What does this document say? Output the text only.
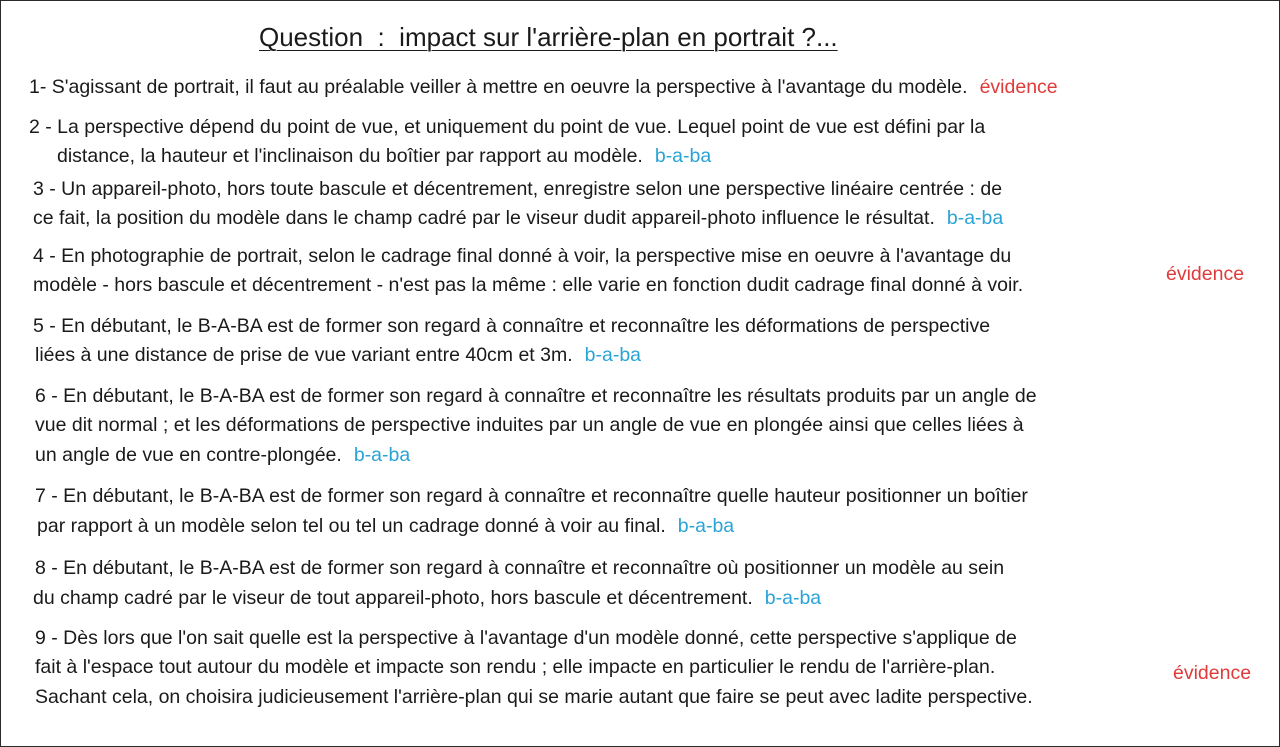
Question  :  impact sur l'arrière-plan en portrait ?...
1- S'agissant de portrait, il faut au préalable veiller à mettre en oeuvre la perspective à l'avantage du modèle. évidence
2 - La perspective dépend du point de vue, et uniquement du point de vue. Lequel point de vue est défini par la
distance, la hauteur et l'inclinaison du boîtier par rapport au modèle. b-a-ba
3 - Un appareil-photo, hors toute bascule et décentrement, enregistre selon une perspective linéaire centrée : de
ce fait, la position du modèle dans le champ cadré par le viseur dudit appareil-photo influence le résultat. b-a-ba
4 - En photographie de portrait, selon le cadrage final donné à voir, la perspective mise en oeuvre à l'avantage du
modèle - hors bascule et décentrement - n'est pas la même : elle varie en fonction dudit cadrage final donné à voir.	évidence
5 - En débutant, le B-A-BA est de former son regard à connaître et reconnaître les déformations de perspective
liées à une distance de prise de vue variant entre 40cm et 3m. b-a-ba
6 - En débutant, le B-A-BA est de former son regard à connaître et reconnaître les résultats produits par un angle de
vue dit normal ; et les déformations de perspective induites par un angle de vue en plongée ainsi que celles liées à
un angle de vue en contre-plongée. b-a-ba
7 - En débutant, le B-A-BA est de former son regard à connaître et reconnaître quelle hauteur positionner un boîtier
par rapport à un modèle selon tel ou tel un cadrage donné à voir au final. b-a-ba
8 - En débutant, le B-A-BA est de former son regard à connaître et reconnaître où positionner un modèle au sein
du champ cadré par le viseur de tout appareil-photo, hors bascule et décentrement. b-a-ba
9 - Dès lors que l'on sait quelle est la perspective à l'avantage d'un modèle donné, cette perspective s'applique de
fait à l'espace tout autour du modèle et impacte son rendu ; elle impacte en particulier le rendu de l'arrière-plan.
Sachant cela, on choisira judicieusement l'arrière-plan qui se marie autant que faire se peut avec ladite perspective.
évidence
